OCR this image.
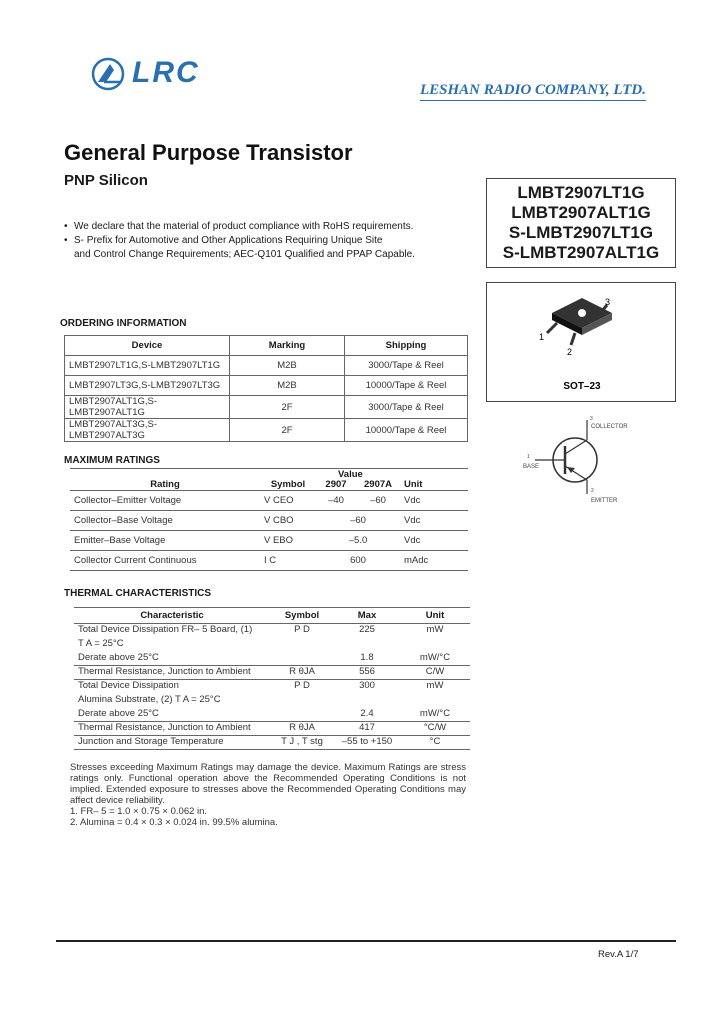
LRC
LESHAN RADIO COMPANY, LTD.
General Purpose Transistor
PNP Silicon
LMBT2907LT1G
LMBT2907ALT1G
S-LMBT2907LT1G
S-LMBT2907ALT1G
• We declare that the material of product compliance with RoHS requirements.
• S- Prefix for Automotive and Other Applications Requiring Unique Site
and Control Change Requirements; AEC-Q101 Qualified and PPAP Capable.
3
1
2
SOT–23
3
COLLECTOR
1
BASE
2
EMITTER
ORDERING INFORMATION
Device	Marking	Shipping
LMBT2907LT1G,S-LMBT2907LT1G	M2B	3000/Tape & Reel
LMBT2907LT3G,S-LMBT2907LT3G	M2B	10000/Tape & Reel
LMBT2907ALT1G,S-LMBT2907ALT1G	2F	3000/Tape & Reel
LMBT2907ALT3G,S-LMBT2907ALT3G	2F	10000/Tape & Reel
MAXIMUM RATINGS
Rating	Symbol	Value
2907	2907A	Unit
Collector–Emitter Voltage	V CEO	–40	–60	Vdc
Collector–Base Voltage	V CBO	–60		Vdc
Emitter–Base Voltage	V EBO	–5.0		Vdc
Collector Current Continuous	I C	600		mAdc
THERMAL CHARACTERISTICS
Characteristic	Symbol	Max	Unit
Total Device Dissipation FR– 5 Board, (1)	P D	225	mW
T A = 25°C			
Derate above 25°C		1.8	mW/°C
Thermal Resistance, Junction to Ambient	R θJA	556	C/W
Total Device Dissipation	P D	300	mW
Alumina Substrate, (2) T A = 25°C			
Derate above 25°C		2.4	mW/°C
Thermal Resistance, Junction to Ambient	R θJA	417	°C/W
Junction and Storage Temperature	T J , T stg	–55 to +150	°C
Stresses exceeding Maximum Ratings may damage the device. Maximum Ratings are stress ratings only. Functional operation above the Recommended Operating Conditions is not implied. Extended exposure to stresses above the Recommended Operating Conditions may affect device reliability.
1. FR– 5 = 1.0 × 0.75 × 0.062 in.
2. Alumina = 0.4 × 0.3 × 0.024 in. 99.5% alumina.
Rev.A 1/7
